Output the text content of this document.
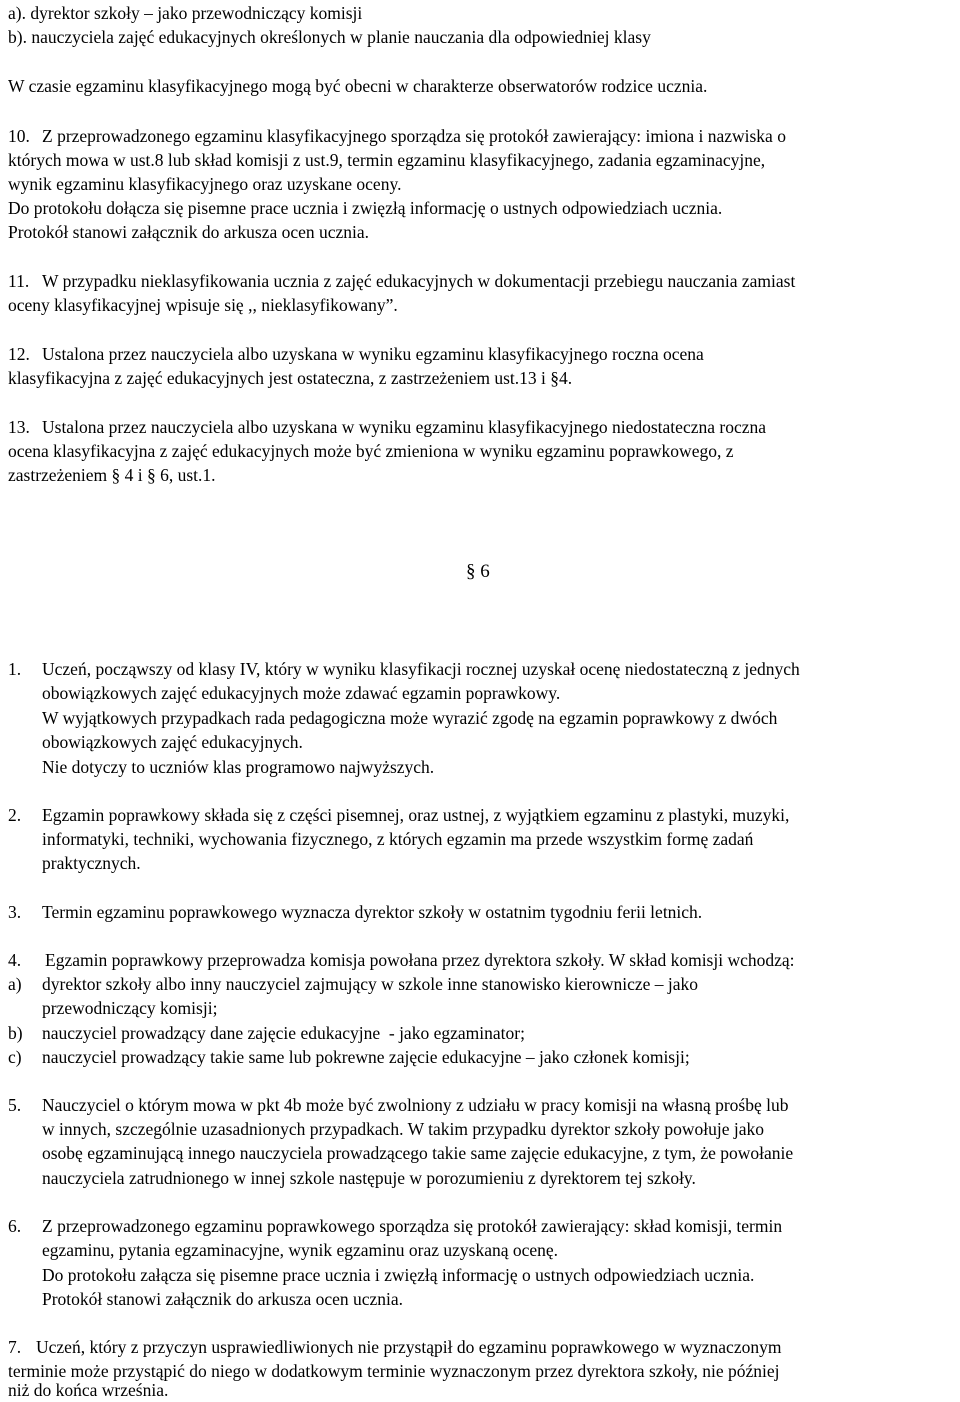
a). dyrektor szkoły – jako przewodniczący komisji
b). nauczyciela zajęć edukacyjnych określonych w planie nauczania dla odpowiedniej klasy
W czasie egzaminu klasyfikacyjnego mogą być obecni w charakterze obserwatorów rodzice ucznia.
10. Z przeprowadzonego egzaminu klasyfikacyjnego sporządza się protokół zawierający: imiona i nazwiska o
których mowa w ust.8 lub skład komisji z ust.9, termin egzaminu klasyfikacyjnego, zadania egzaminacyjne,
wynik egzaminu klasyfikacyjnego oraz uzyskane oceny.
Do protokołu dołącza się pisemne prace ucznia i zwięzłą informację o ustnych odpowiedziach ucznia.
Protokół stanowi załącznik do arkusza ocen ucznia.
11. W przypadku nieklasyfikowania ucznia z zajęć edukacyjnych w dokumentacji przebiegu nauczania zamiast
oceny klasyfikacyjnej wpisuje się ,, nieklasyfikowany”.
12. Ustalona przez nauczyciela albo uzyskana w wyniku egzaminu klasyfikacyjnego roczna ocena
klasyfikacyjna z zajęć edukacyjnych jest ostateczna, z zastrzeżeniem ust.13 i §4.
13. Ustalona przez nauczyciela albo uzyskana w wyniku egzaminu klasyfikacyjnego niedostateczna roczna
ocena klasyfikacyjna z zajęć edukacyjnych może być zmieniona w wyniku egzaminu poprawkowego, z
zastrzeżeniem § 4 i § 6, ust.1.
§ 6
1. Uczeń, począwszy od klasy IV, który w wyniku klasyfikacji rocznej uzyskał ocenę niedostateczną z jednych
obowiązkowych zajęć edukacyjnych może zdawać egzamin poprawkowy.
W wyjątkowych przypadkach rada pedagogiczna może wyrazić zgodę na egzamin poprawkowy z dwóch
obowiązkowych zajęć edukacyjnych.
Nie dotyczy to uczniów klas programowo najwyższych.
2. Egzamin poprawkowy składa się z części pisemnej, oraz ustnej, z wyjątkiem egzaminu z plastyki, muzyki,
informatyki, techniki, wychowania fizycznego, z których egzamin ma przede wszystkim formę zadań
praktycznych.
3. Termin egzaminu poprawkowego wyznacza dyrektor szkoły w ostatnim tygodniu ferii letnich.
4. Egzamin poprawkowy przeprowadza komisja powołana przez dyrektora szkoły. W skład komisji wchodzą:
a) dyrektor szkoły albo inny nauczyciel zajmujący w szkole inne stanowisko kierownicze – jako
przewodniczący komisji;
b) nauczyciel prowadzący dane zajęcie edukacyjne  - jako egzaminator;
c) nauczyciel prowadzący takie same lub pokrewne zajęcie edukacyjne – jako członek komisji;
5. Nauczyciel o którym mowa w pkt 4b może być zwolniony z udziału w pracy komisji na własną prośbę lub
w innych, szczególnie uzasadnionych przypadkach. W takim przypadku dyrektor szkoły powołuje jako
osobę egzaminującą innego nauczyciela prowadzącego takie same zajęcie edukacyjne, z tym, że powołanie
nauczyciela zatrudnionego w innej szkole następuje w porozumieniu z dyrektorem tej szkoły.
6. Z przeprowadzonego egzaminu poprawkowego sporządza się protokół zawierający: skład komisji, termin
egzaminu, pytania egzaminacyjne, wynik egzaminu oraz uzyskaną ocenę.
Do protokołu załącza się pisemne prace ucznia i zwięzłą informację o ustnych odpowiedziach ucznia.
Protokół stanowi załącznik do arkusza ocen ucznia.
7. Uczeń, który z przyczyn usprawiedliwionych nie przystąpił do egzaminu poprawkowego w wyznaczonym
terminie może przystąpić do niego w dodatkowym terminie wyznaczonym przez dyrektora szkoły, nie później
niż do końca września.
